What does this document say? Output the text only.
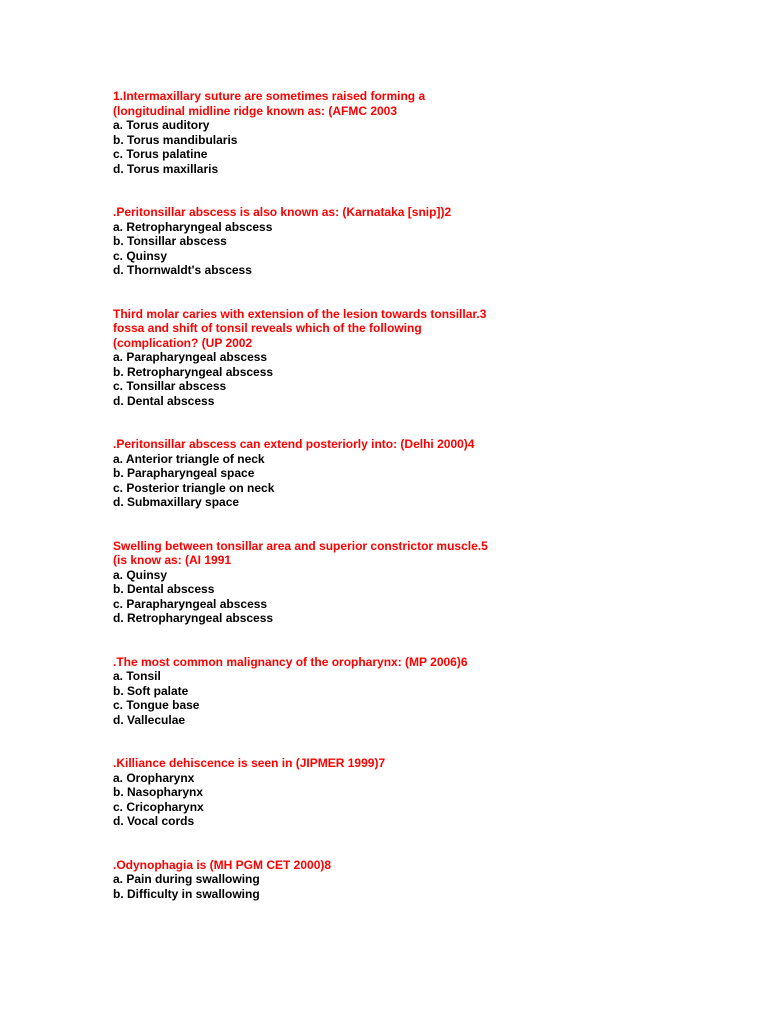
1.Intermaxillary suture are sometimes raised forming a
(longitudinal midline ridge known as: (AFMC 2003
a. Torus auditory
b. Torus mandibularis
c. Torus palatine
d. Torus maxillaris
.Peritonsillar abscess is also known as: (Karnataka [snip])2
a. Retropharyngeal abscess
b. Tonsillar abscess
c. Quinsy
d. Thornwaldt's abscess
Third molar caries with extension of the lesion towards tonsillar.3
fossa and shift of tonsil reveals which of the following
(complication? (UP 2002
a. Parapharyngeal abscess
b. Retropharyngeal abscess
c. Tonsillar abscess
d. Dental abscess
.Peritonsillar abscess can extend posteriorly into: (Delhi 2000)4
a. Anterior triangle of neck
b. Parapharyngeal space
c. Posterior triangle on neck
d. Submaxillary space
Swelling between tonsillar area and superior constrictor muscle.5
(is know as: (AI 1991
a. Quinsy
b. Dental abscess
c. Parapharyngeal abscess
d. Retropharyngeal abscess
.The most common malignancy of the oropharynx: (MP 2006)6
a. Tonsil
b. Soft palate
c. Tongue base
d. Valleculae
.Killiance dehiscence is seen in (JIPMER 1999)7
a. Oropharynx
b. Nasopharynx
c. Cricopharynx
d. Vocal cords
.Odynophagia is (MH PGM CET 2000)8
a. Pain during swallowing
b. Difficulty in swallowing
